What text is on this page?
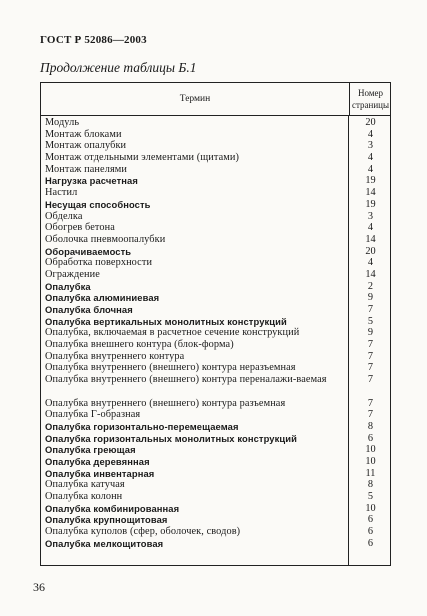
ГОСТ Р 52086—2003
Продолжение таблицы Б.1
Термин
Номер страницы
Модуль	20
Монтаж блоками	4
Монтаж опалубки	3
Монтаж отдельными элементами (щитами)	4
Монтаж панелями	4
Нагрузка расчетная	19
Настил	14
Несущая способность	19
Обделка	3
Обогрев бетона	4
Оболочка пневмоопалубки	14
Оборачиваемость	20
Обработка поверхности	4
Ограждение	14
Опалубка	2
Опалубка алюминиевая	9
Опалубка блочная	7
Опалубка вертикальных монолитных конструкций	5
Опалубка, включаемая в расчетное сечение конструкций	9
Опалубка внешнего контура (блок-форма)	7
Опалубка внутреннего контура	7
Опалубка внутреннего (внешнего) контура неразъемная	7
Опалубка внутреннего (внешнего) контура переналажи-ваемая	7
Опалубка внутреннего (внешнего) контура разъемная	7
Опалубка Г-образная	7
Опалубка горизонтально-перемещаемая	8
Опалубка горизонтальных монолитных конструкций	6
Опалубка греющая	10
Опалубка деревянная	10
Опалубка инвентарная	11
Опалубка катучая	8
Опалубка колонн	5
Опалубка комбинированная	10
Опалубка крупнощитовая	6
Опалубка куполов (сфер, оболочек, сводов)	6
Опалубка мелкощитовая	6
36
